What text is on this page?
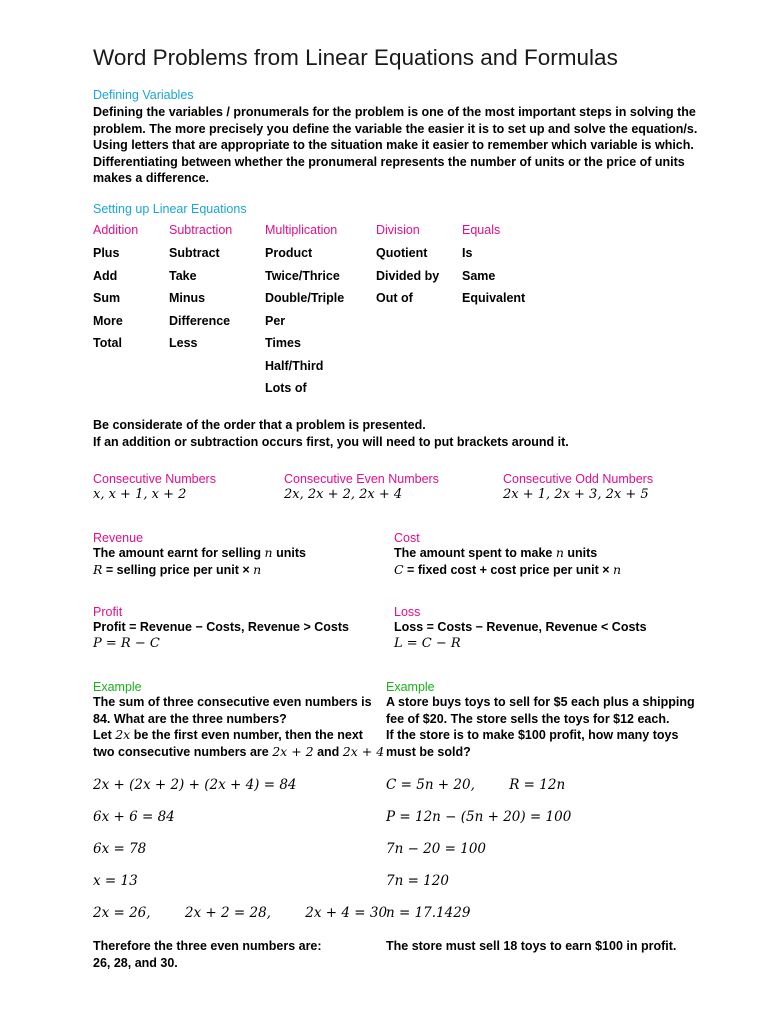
Word Problems from Linear Equations and Formulas
Defining Variables
Defining the variables / pronumerals for the problem is one of the most important steps in solving the
problem. The more precisely you define the variable the easier it is to set up and solve the equation/s.
Using letters that are appropriate to the situation make it easier to remember which variable is which.
Differentiating between whether the pronumeral represents the number of units or the price of units
makes a difference.
Setting up Linear Equations
Addition
Plus
Add
Sum
More
Total
Subtraction
Subtract
Take
Minus
Difference
Less
Multiplication
Product
Twice/Thrice
Double/Triple
Per
Times
Half/Third
Lots of
Division
Quotient
Divided by
Out of
Equals
Is
Same
Equivalent
Be considerate of the order that a problem is presented.
If an addition or subtraction occurs first, you will need to put brackets around it.
Consecutive Numbers
x, x + 1, x + 2
Consecutive Even Numbers
2x, 2x + 2, 2x + 4
Consecutive Odd Numbers
2x + 1, 2x + 3, 2x + 5
Revenue
The amount earnt for selling n units
R = selling price per unit × n
Cost
The amount spent to make n units
C = fixed cost + cost price per unit × n
Profit
Profit = Revenue − Costs, Revenue > Costs
P = R − C
Loss
Loss = Costs − Revenue, Revenue < Costs
L = C − R
Example
The sum of three consecutive even numbers is
84. What are the three numbers?
Let 2x be the first even number, then the next
two consecutive numbers are 2x + 2 and 2x + 4
2x + (2x + 2) + (2x + 4) = 84
6x + 6 = 84
6x = 78
x = 13
2x = 26,        2x + 2 = 28,        2x + 4 = 30
Therefore the three even numbers are:
26, 28, and 30.
Example
A store buys toys to sell for $5 each plus a shipping
fee of $20. The store sells the toys for $12 each.
If the store is to make $100 profit, how many toys
must be sold?
C = 5n + 20,        R = 12n
P = 12n − (5n + 20) = 100
7n − 20 = 100
7n = 120
n = 17.1429
The store must sell 18 toys to earn $100 in profit.
